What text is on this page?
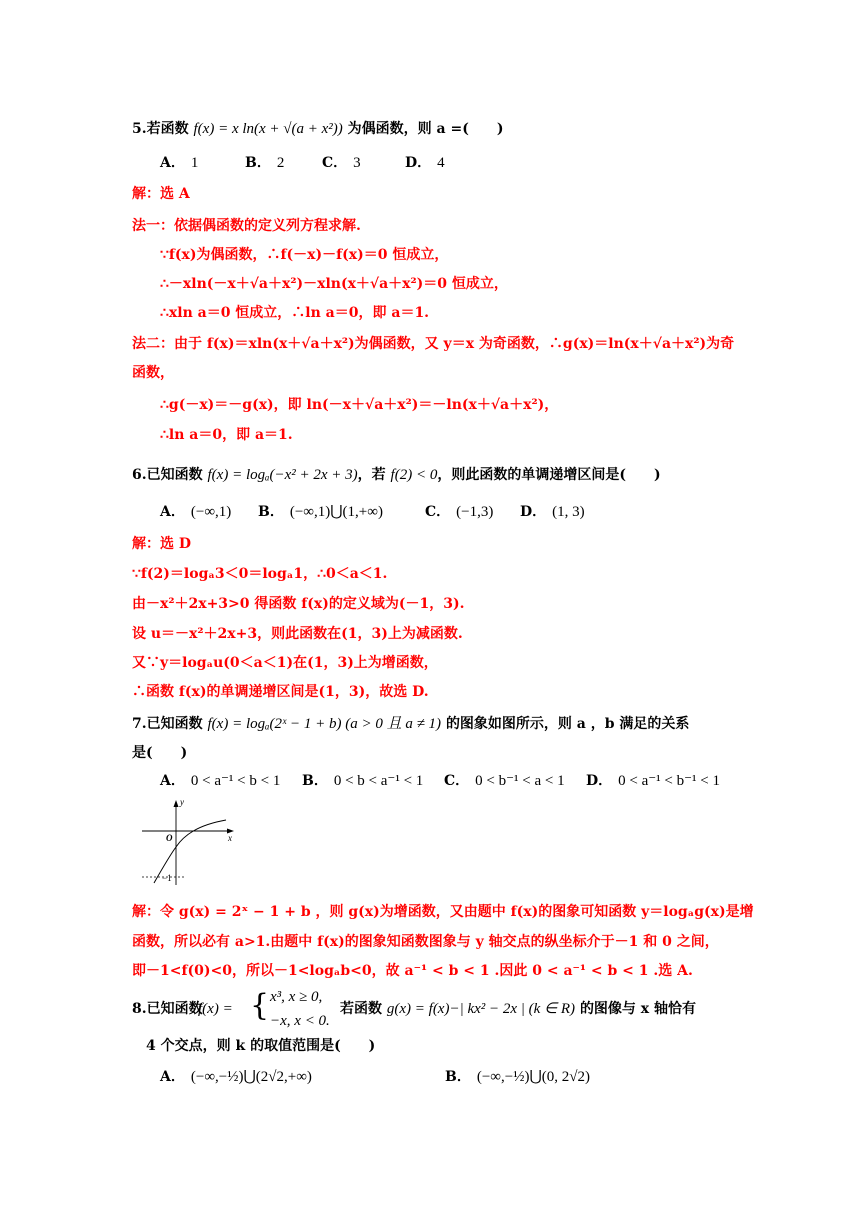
5.若函数 f(x) = x ln(x + √(a + x²)) 为偶函数，则 a =(　　)
A． 1	B． 2	C． 3	D． 4
解：选 A
法一：依据偶函数的定义列方程求解.
∵f(x)为偶函数，∴f(－x)－f(x)＝0 恒成立，
∴－xln(－x＋√a＋x²)－xln(x＋√a＋x²)＝0 恒成立，
∴xln a＝0 恒成立，∴ln a＝0，即 a＝1.
法二：由于 f(x)＝xln(x＋√a＋x²)为偶函数，又 y＝x 为奇函数，∴g(x)＝ln(x＋√a＋x²)为奇
函数，
∴g(－x)＝－g(x)，即 ln(－x＋√a＋x²)＝－ln(x＋√a＋x²)，
∴ln a＝0，即 a＝1.
6.已知函数 f(x) = logₐ(−x² + 2x + 3)，若 f(2) < 0，则此函数的单调递增区间是(　　)
A． (−∞,1) B． (−∞,1)⋃(1,+∞)	C． (−1,3) D． (1, 3)
解：选 D
∵f(2)＝logₐ3＜0＝logₐ1，∴0＜a＜1.
由－x²＋2x+3>0 得函数 f(x)的定义域为(－1，3).
设 u＝－x²＋2x+3，则此函数在(1，3)上为减函数.
又∵y＝logₐu(0＜a＜1)在(1，3)上为增函数，
∴函数 f(x)的单调递增区间是(1，3)，故选 D.
7.已知函数 f(x) = logₐ(2ˣ − 1 + b) (a > 0 且 a ≠ 1) 的图象如图所示，则 a ，b 满足的关系
是(　　)
A． 0 < a⁻¹ < b < 1 B． 0 < b < a⁻¹ < 1 C． 0 < b⁻¹ < a < 1 D． 0 < a⁻¹ < b⁻¹ < 1
y
x
O
−1
解：令 g(x) = 2ˣ − 1 + b ，则 g(x)为增函数，又由题中 f(x)的图象可知函数 y＝logₐg(x)是增
函数，所以必有 a>1.由题中 f(x)的图象知函数图象与 y 轴交点的纵坐标介于－1 和 0 之间，
即－1<f(0)<0，所以－1<logₐb<0，故 a⁻¹ < b < 1 .因此 0 < a⁻¹ < b < 1 .选 A.
8.已知函数
f(x) = { x³, x ≥ 0,
−x, x < 0.
若函数 g(x) = f(x)−| kx² − 2x | (k ∈ R) 的图像与 x 轴恰有
4 个交点，则 k 的取值范围是(　　)
A． (−∞,−½)⋃(2√2,+∞)	B． (−∞,−½)⋃(0, 2√2)
